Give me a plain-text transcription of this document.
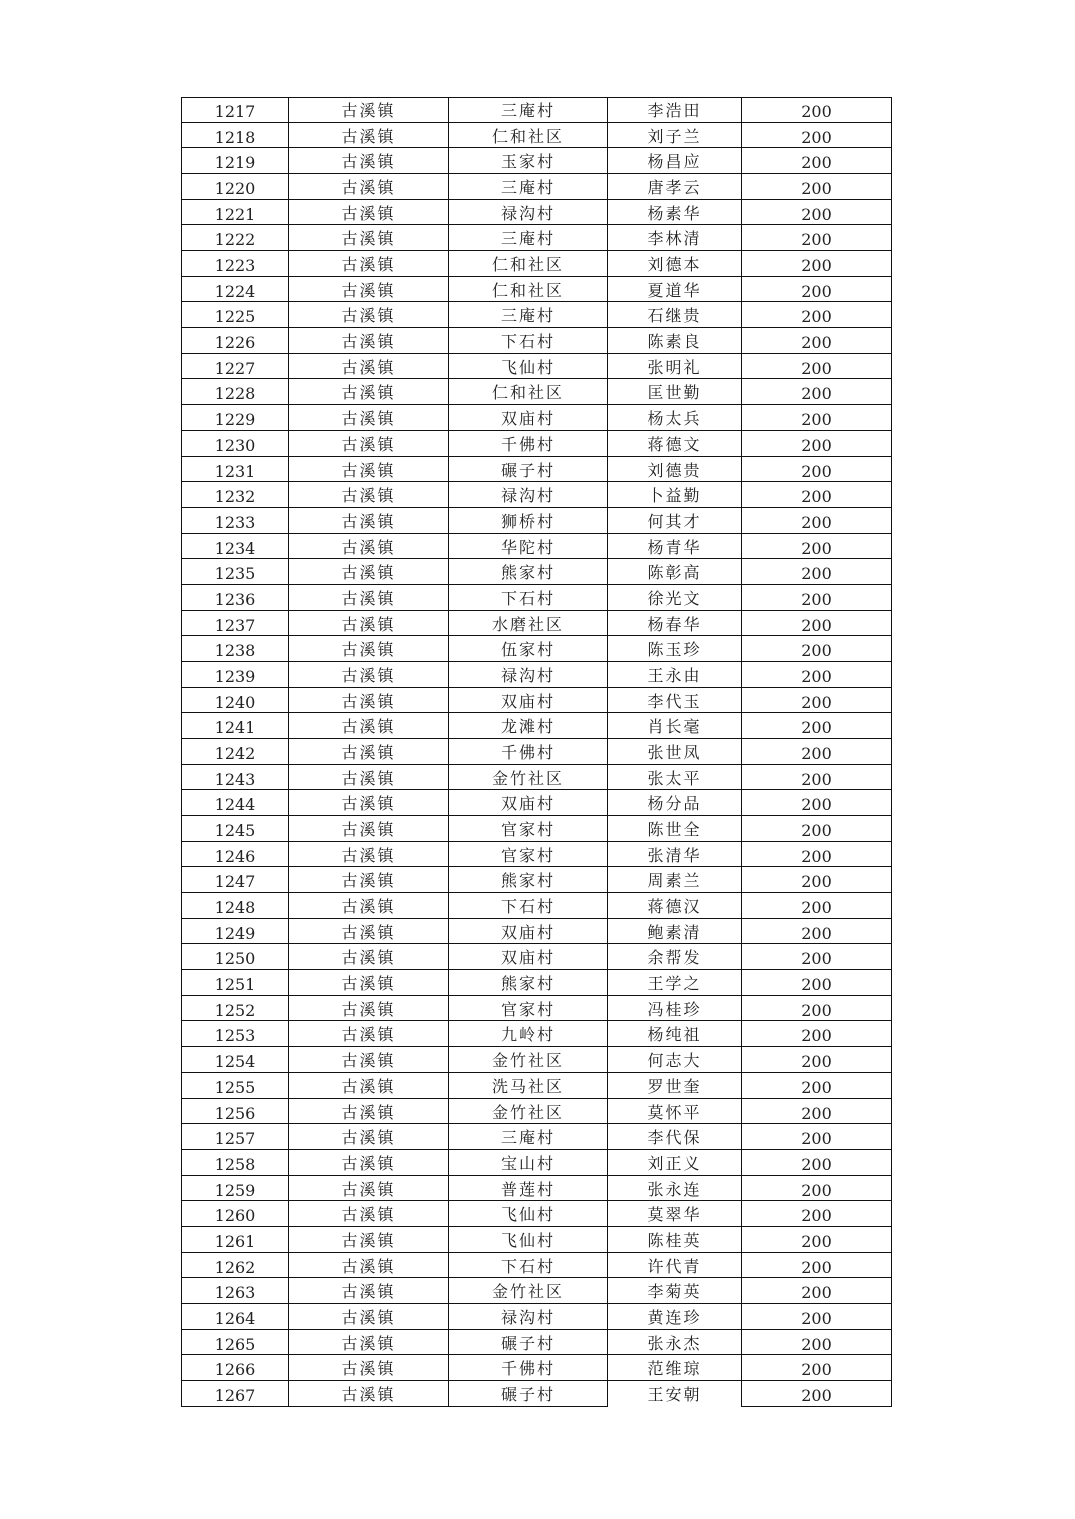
1217	古溪镇	三庵村	李浩田	200
1218	古溪镇	仁和社区	刘子兰	200
1219	古溪镇	玉家村	杨昌应	200
1220	古溪镇	三庵村	唐孝云	200
1221	古溪镇	禄沟村	杨素华	200
1222	古溪镇	三庵村	李林清	200
1223	古溪镇	仁和社区	刘德本	200
1224	古溪镇	仁和社区	夏道华	200
1225	古溪镇	三庵村	石继贵	200
1226	古溪镇	下石村	陈素良	200
1227	古溪镇	飞仙村	张明礼	200
1228	古溪镇	仁和社区	匡世勤	200
1229	古溪镇	双庙村	杨太兵	200
1230	古溪镇	千佛村	蒋德文	200
1231	古溪镇	碾子村	刘德贵	200
1232	古溪镇	禄沟村	卜益勤	200
1233	古溪镇	狮桥村	何其才	200
1234	古溪镇	华陀村	杨青华	200
1235	古溪镇	熊家村	陈彰高	200
1236	古溪镇	下石村	徐光文	200
1237	古溪镇	水磨社区	杨春华	200
1238	古溪镇	伍家村	陈玉珍	200
1239	古溪镇	禄沟村	王永由	200
1240	古溪镇	双庙村	李代玉	200
1241	古溪镇	龙滩村	肖长毫	200
1242	古溪镇	千佛村	张世凤	200
1243	古溪镇	金竹社区	张太平	200
1244	古溪镇	双庙村	杨分品	200
1245	古溪镇	官家村	陈世全	200
1246	古溪镇	官家村	张清华	200
1247	古溪镇	熊家村	周素兰	200
1248	古溪镇	下石村	蒋德汉	200
1249	古溪镇	双庙村	鲍素清	200
1250	古溪镇	双庙村	余帮发	200
1251	古溪镇	熊家村	王学之	200
1252	古溪镇	官家村	冯桂珍	200
1253	古溪镇	九岭村	杨纯祖	200
1254	古溪镇	金竹社区	何志大	200
1255	古溪镇	洗马社区	罗世奎	200
1256	古溪镇	金竹社区	莫怀平	200
1257	古溪镇	三庵村	李代保	200
1258	古溪镇	宝山村	刘正义	200
1259	古溪镇	普莲村	张永连	200
1260	古溪镇	飞仙村	莫翠华	200
1261	古溪镇	飞仙村	陈桂英	200
1262	古溪镇	下石村	许代青	200
1263	古溪镇	金竹社区	李菊英	200
1264	古溪镇	禄沟村	黄连珍	200
1265	古溪镇	碾子村	张永杰	200
1266	古溪镇	千佛村	范维琼	200
1267	古溪镇	碾子村	王安朝	200
